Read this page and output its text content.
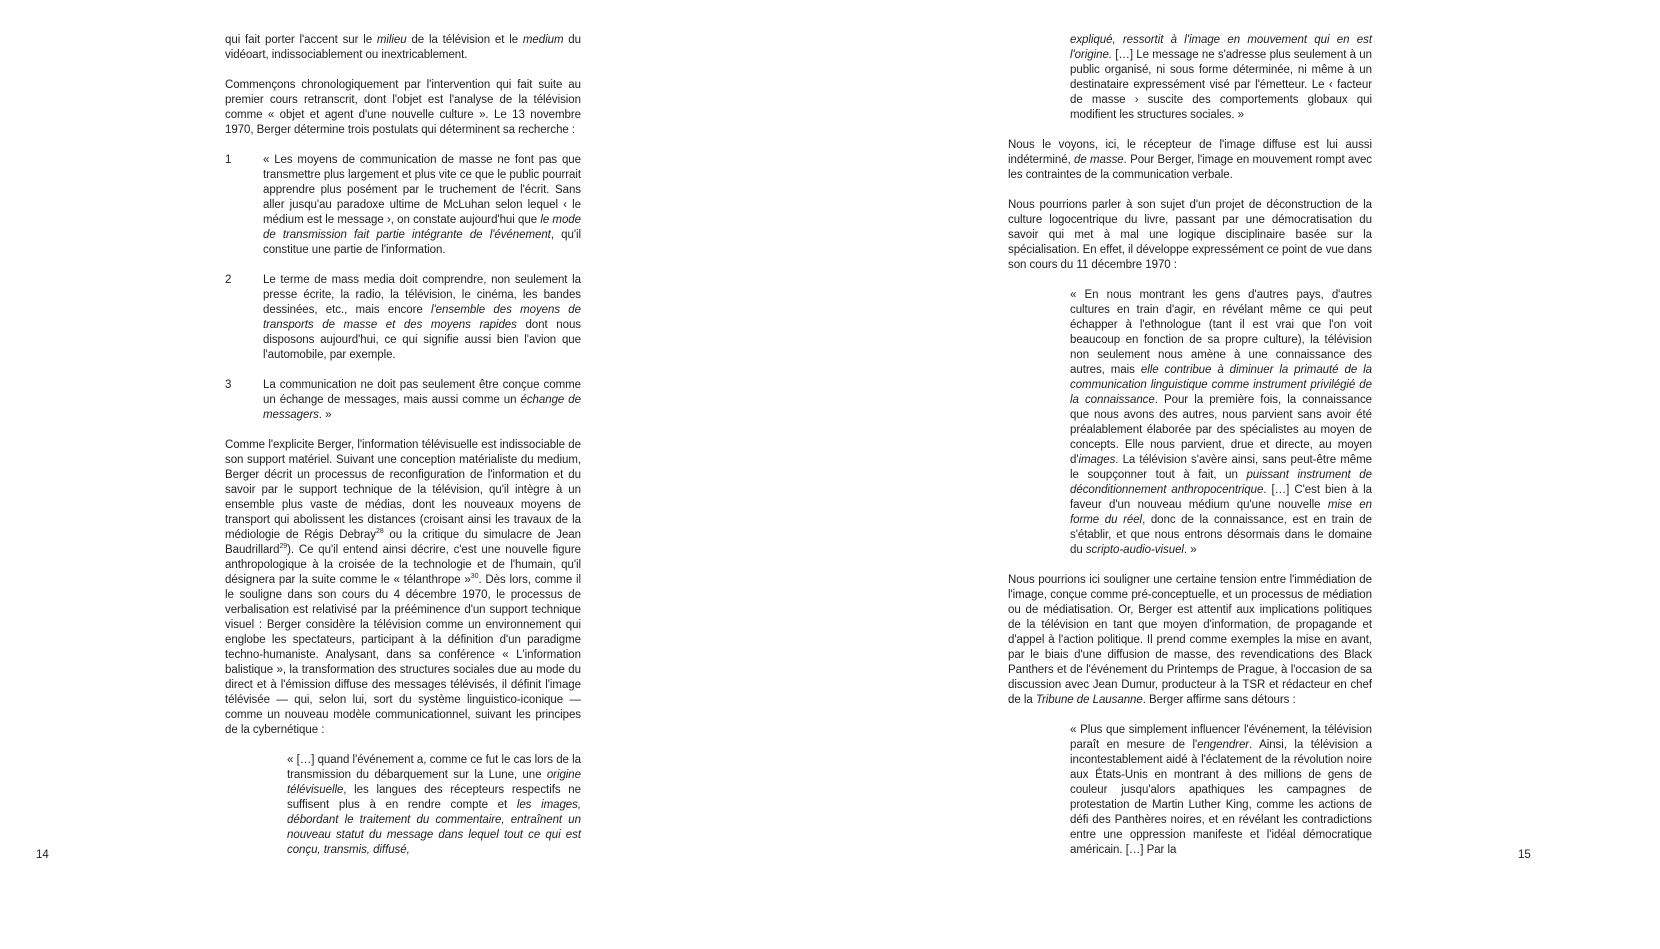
qui fait porter l'accent sur le milieu de la télévision et le medium du vidéoart, indissociablement ou inextricablement.

Commençons chronologiquement par l'intervention qui fait suite au premier cours retranscrit, dont l'objet est l'analyse de la télévision comme « objet et agent d'une nouvelle culture ». Le 13 novembre 1970, Berger détermine trois postulats qui déterminent sa recherche :

1	« Les moyens de communication de masse ne font pas que transmettre plus largement et plus vite ce que le public pourrait apprendre plus posément par le truchement de l'écrit. Sans aller jusqu'au paradoxe ultime de McLuhan selon lequel ‹ le médium est le message ›, on constate aujourd'hui que le mode de transmission fait partie intégrante de l'événement, qu'il constitue une partie de l'information.
2	Le terme de mass media doit comprendre, non seulement la presse écrite, la radio, la télévision, le cinéma, les bandes dessinées, etc., mais encore l'ensemble des moyens de transports de masse et des moyens rapides dont nous disposons aujourd'hui, ce qui signifie aussi bien l'avion que l'automobile, par exemple.
3	La communication ne doit pas seulement être conçue comme un échange de messages, mais aussi comme un échange de messagers. »

Comme l'explicite Berger, l'information télévisuelle est indissociable de son support matériel. Suivant une conception matérialiste du medium, Berger décrit un processus de reconfiguration de l'information et du savoir par le support technique de la télévision, qu'il intègre à un ensemble plus vaste de médias, dont les nouveaux moyens de transport qui abolissent les distances (croisant ainsi les travaux de la médiologie de Régis Debray$^{28}$ ou la critique du simulacre de Jean Baudrillard$^{29}$). Ce qu'il entend ainsi décrire, c'est une nouvelle figure anthropologique à la croisée de la technologie et de l'humain, qu'il désignera par la suite comme le « télanthrope »$^{30}$. Dès lors, comme il le souligne dans son cours du 4 décembre 1970, le processus de verbalisation est relativisé par la prééminence d'un support technique visuel : Berger considère la télévision comme un environnement qui englobe les spectateurs, participant à la définition d'un paradigme techno-humaniste. Analysant, dans sa conférence « L'information balistique », la transformation des structures sociales due au mode du direct et à l'émission diffuse des messages télévisés, il définit l'image télévisée — qui, selon lui, sort du système linguistico-iconique — comme un nouveau modèle communicationnel, suivant les principes de la cybernétique :

« […] quand l'événement a, comme ce fut le cas lors de la transmission du débarquement sur la Lune, une origine télévisuelle, les langues des récepteurs respectifs ne suffisent plus à en rendre compte et les images, débordant le traitement du commentaire, entraînent un nouveau statut du message dans lequel tout ce qui est conçu, transmis, diffusé,

expliqué, ressortit à l'image en mouvement qui en est l'origine. […] Le message ne s'adresse plus seulement à un public organisé, ni sous forme déterminée, ni même à un destinataire expressément visé par l'émetteur. Le ‹ facteur de masse › suscite des comportements globaux qui modifient les structures sociales. »

Nous le voyons, ici, le récepteur de l'image diffuse est lui aussi indéterminé, de masse. Pour Berger, l'image en mouvement rompt avec les contraintes de la communication verbale.

Nous pourrions parler à son sujet d'un projet de déconstruction de la culture logocentrique du livre, passant par une démocratisation du savoir qui met à mal une logique disciplinaire basée sur la spécialisation. En effet, il développe expressément ce point de vue dans son cours du 11 décembre 1970 :

« En nous montrant les gens d'autres pays, d'autres cultures en train d'agir, en révélant même ce qui peut échapper à l'ethnologue (tant il est vrai que l'on voit beaucoup en fonction de sa propre culture), la télévision non seulement nous amène à une connaissance des autres, mais elle contribue à diminuer la primauté de la communication linguistique comme instrument privilégié de la connaissance. Pour la première fois, la connaissance que nous avons des autres, nous parvient sans avoir été préalablement élaborée par des spécialistes au moyen de concepts. Elle nous parvient, drue et directe, au moyen d'images. La télévision s'avère ainsi, sans peut-être même le soupçonner tout à fait, un puissant instrument de déconditionnement anthropocentrique. […] C'est bien à la faveur d'un nouveau médium qu'une nouvelle mise en forme du réel, donc de la connaissance, est en train de s'établir, et que nous entrons désormais dans le domaine du scripto-audio-visuel. »

Nous pourrions ici souligner une certaine tension entre l'immédiation de l'image, conçue comme pré-conceptuelle, et un processus de médiation ou de médiatisation. Or, Berger est attentif aux implications politiques de la télévision en tant que moyen d'information, de propagande et d'appel à l'action politique. Il prend comme exemples la mise en avant, par le biais d'une diffusion de masse, des revendications des Black Panthers et de l'événement du Printemps de Prague, à l'occasion de sa discussion avec Jean Dumur, producteur à la TSR et rédacteur en chef de la Tribune de Lausanne. Berger affirme sans détours :

« Plus que simplement influencer l'événement, la télévision paraît en mesure de l'engendrer. Ainsi, la télévision a incontestablement aidé à l'éclatement de la révolution noire aux États-Unis en montrant à des millions de gens de couleur jusqu'alors apathiques les campagnes de protestation de Martin Luther King, comme les actions de défi des Panthères noires, et en révélant les contradictions entre une oppression manifeste et l'idéal démocratique américain. […] Par la

14	15
